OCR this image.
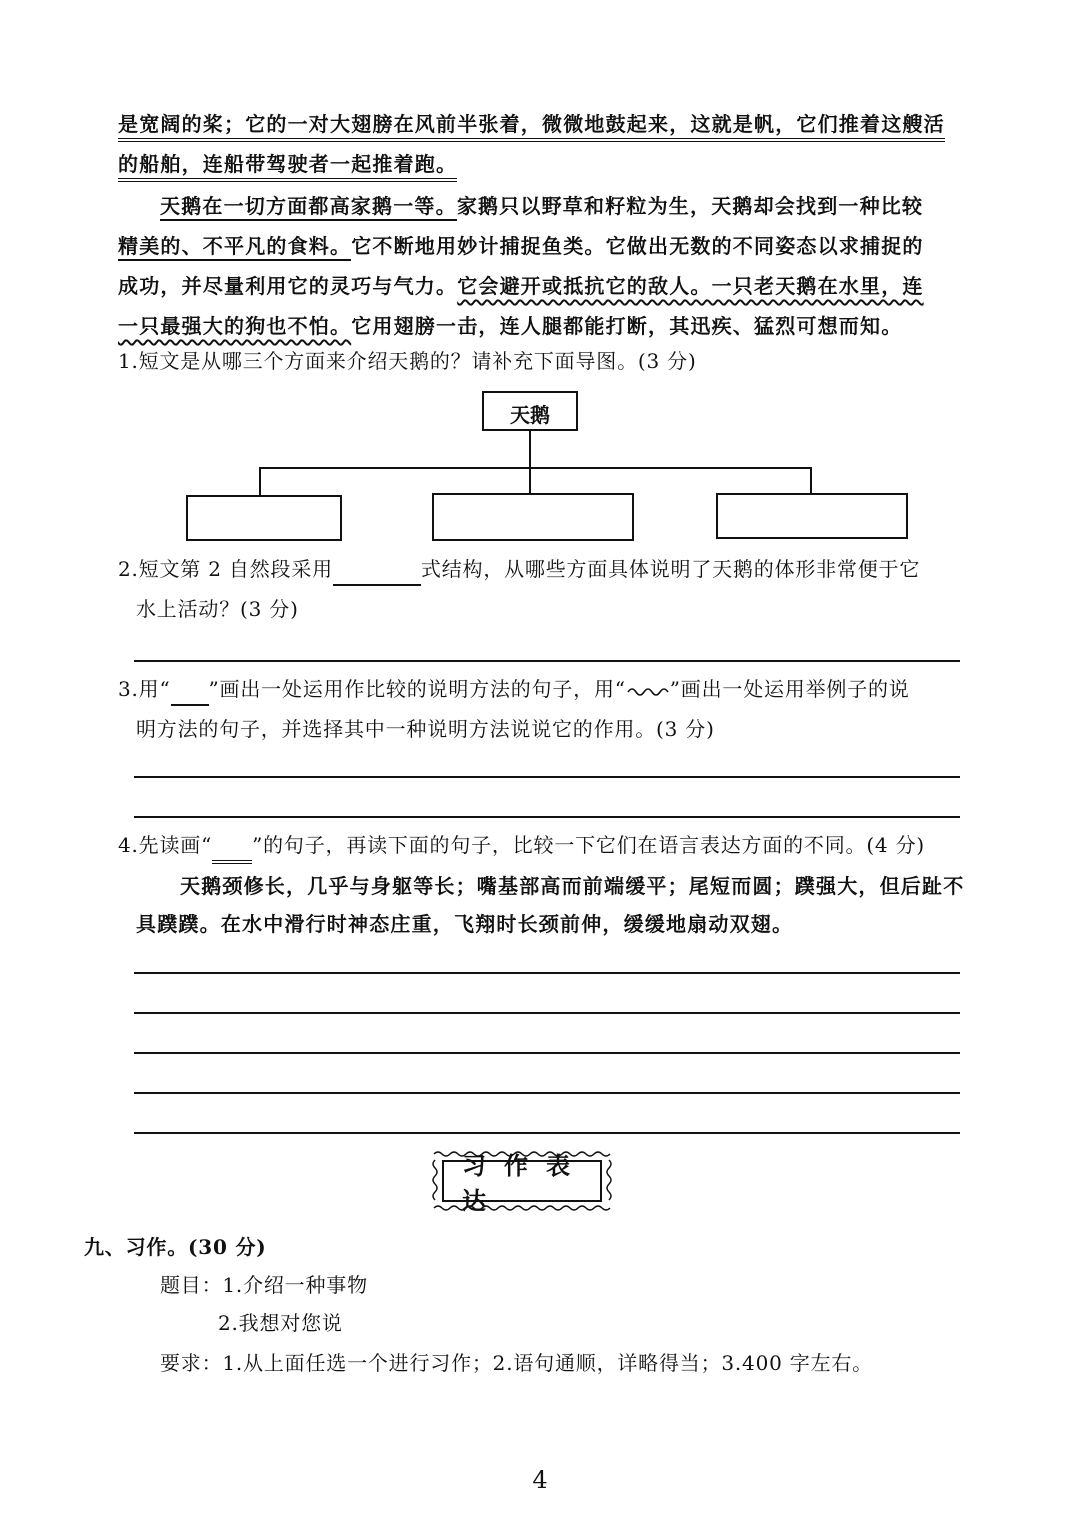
是宽阔的桨；它的一对大翅膀在风前半张着，微微地鼓起来，这就是帆，它们推着这艘活
的船舶，连船带驾驶者一起推着跑。
天鹅在一切方面都高家鹅一等。家鹅只以野草和籽粒为生，天鹅却会找到一种比较
精美的、不平凡的食料。它不断地用妙计捕捉鱼类。它做出无数的不同姿态以求捕捉的
成功，并尽量利用它的灵巧与气力。它会避开或抵抗它的敌人。一只老天鹅在水里，连
一只最强大的狗也不怕。它用翅膀一击，连人腿都能打断，其迅疾、猛烈可想而知。
1.短文是从哪三个方面来介绍天鹅的？请补充下面导图。(3 分)
天鹅
2.短文第 2 自然段采用	式结构，从哪些方面具体说明了天鹅的体形非常便于它
水上活动？(3 分)
3.用“ ”画出一处运用作比较的说明方法的句子，用“ ”画出一处运用举例子的说
明方法的句子，并选择其中一种说明方法说说它的作用。(3 分)
4.先读画“ ”的句子，再读下面的句子，比较一下它们在语言表达方面的不同。(4 分)
天鹅颈修长，几乎与身躯等长；嘴基部高而前端缓平；尾短而圆；蹼强大，但后趾不
具蹼蹼。在水中滑行时神态庄重，飞翔时长颈前伸，缓缓地扇动双翅。
习作表达
九、习作。(30 分)
题目：1.介绍一种事物
2.我想对您说
要求：1.从上面任选一个进行习作；2.语句通顺，详略得当；3.400 字左右。
4
